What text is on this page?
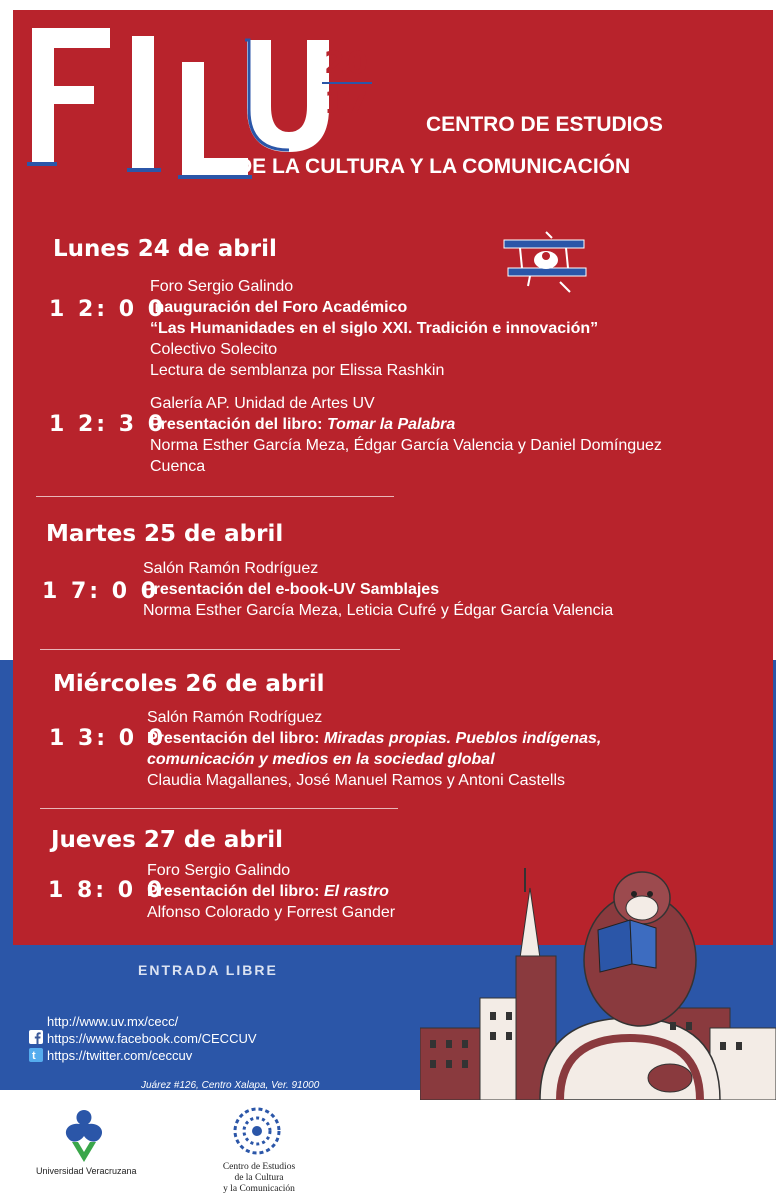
20
17
CENTRO DE ESTUDIOS
DE LA CULTURA Y LA COMUNICACIÓN
Lunes 24 de abril
1 2: 0 0
Foro Sergio Galindo
Inauguración del Foro Académico
“Las Humanidades en el siglo XXI. Tradición e innovación”
Colectivo Solecito
Lectura de semblanza por Elissa Rashkin
1 2: 3 0
Galería AP. Unidad de Artes UV
Presentación del libro: Tomar la Palabra
Norma Esther García Meza, Édgar García Valencia y Daniel Domínguez
Cuenca
Martes 25 de abril
1 7: 0 0
Salón Ramón Rodríguez
Presentación del e-book-UV Samblajes
Norma Esther García Meza, Leticia Cufré y Édgar García Valencia
Miércoles 26 de abril
1 3: 0 0
Salón Ramón Rodríguez
Presentación del libro: Miradas propias. Pueblos indígenas,
comunicación y medios en la sociedad global
Claudia Magallanes, José Manuel Ramos y Antoni Castells
Jueves 27 de abril
1 8: 0 0
Foro Sergio Galindo
Presentación del libro: El rastro
Alfonso Colorado y Forrest Gander
ENTRADA LIBRE
http://www.uv.mx/cecc/
https://www.facebook.com/CECCUV
t https://twitter.com/ceccuv
Juárez #126, Centro Xalapa, Ver. 91000
(228)1670620
Universidad Veracruzana	Centro de Estudios
de la Cultura
y la Comunicación
